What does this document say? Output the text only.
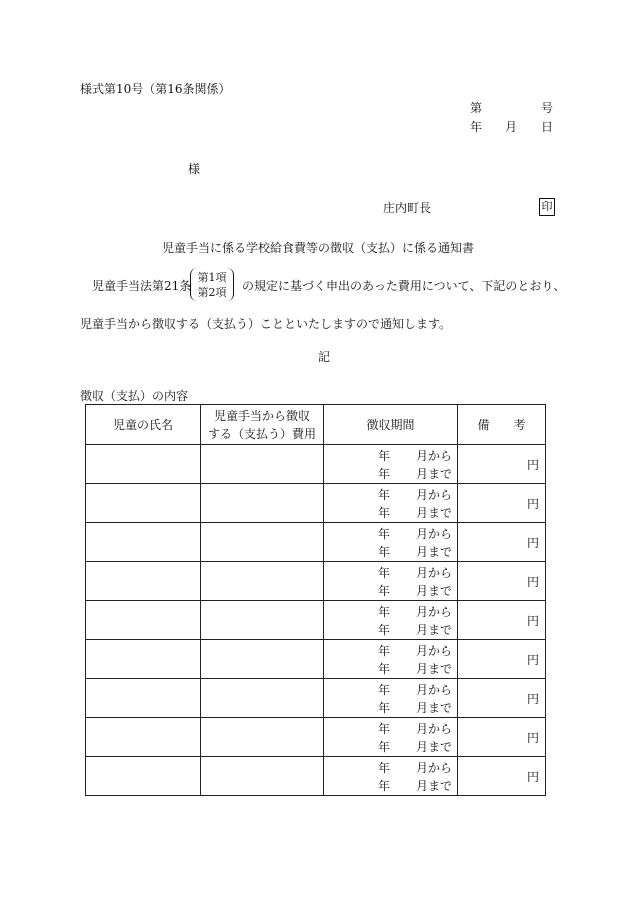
様式第10号（第16条関係）
第	号
年 月 日
様
庄内町長	印
児童手当に係る学校給食費等の徴収（支払）に係る通知書
児童手当法第21条
第1項
第2項	の規定に基づく申出のあった費用について、下記のとおり、
児童手当から徴収する（支払う）ことといたしますので通知します。
記
徴収（支払）の内容
児童の氏名	児童手当から徴収
する（支払う）費用	徴収期間	備　　考

		年 月から
年 月まで	円

		年 月から
年 月まで	円

		年 月から
年 月まで	円

		年 月から
年 月まで	円

		年 月から
年 月まで	円

		年 月から
年 月まで	円

		年 月から
年 月まで	円

		年 月から
年 月まで	円

		年 月から
年 月まで	円
